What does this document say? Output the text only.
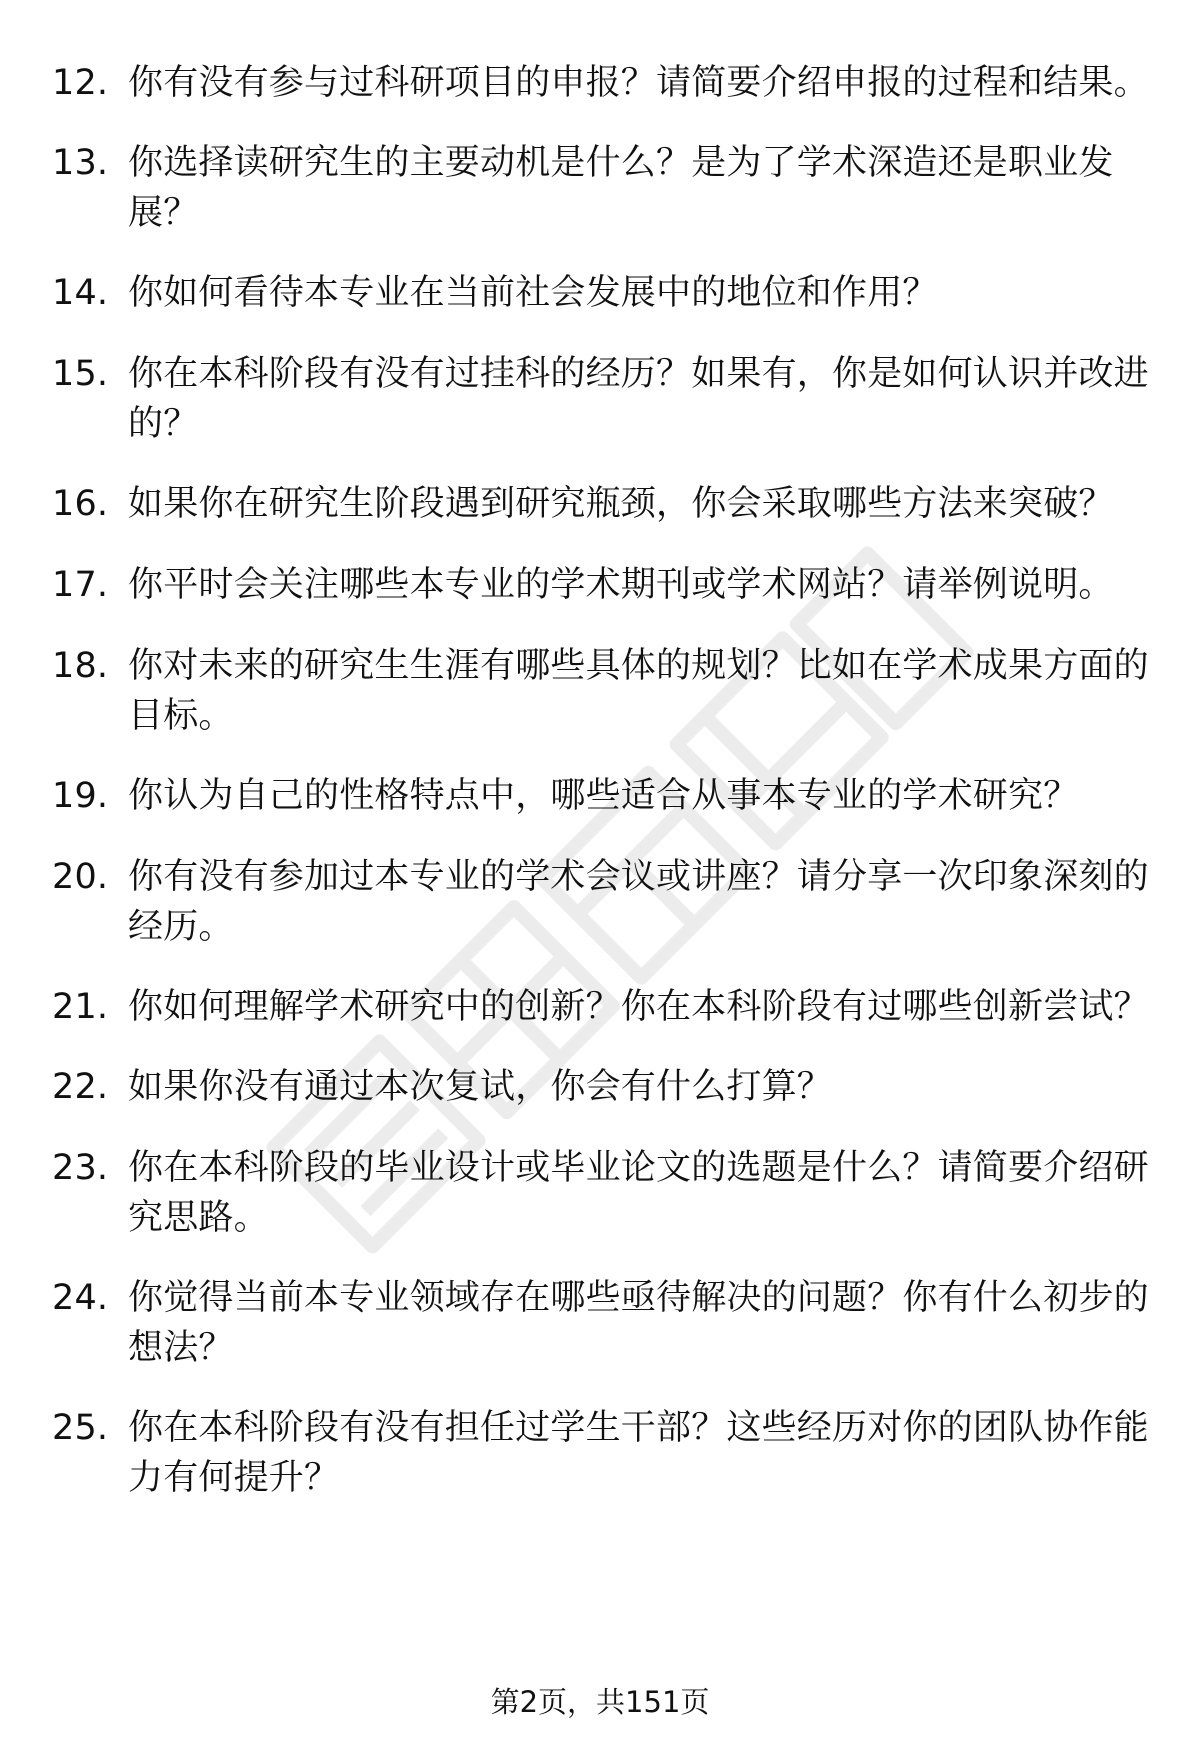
12. 你有没有参与过科研项目的申报？请简要介绍申报的过程和结果。
13. 你选择读研究生的主要动机是什么？是为了学术深造还是职业发展？
14. 你如何看待本专业在当前社会发展中的地位和作用？
15. 你在本科阶段有没有过挂科的经历？如果有，你是如何认识并改进的？
16. 如果你在研究生阶段遇到研究瓶颈，你会采取哪些方法来突破？
17. 你平时会关注哪些本专业的学术期刊或学术网站？请举例说明。
18. 你对未来的研究生生涯有哪些具体的规划？比如在学术成果方面的目标。
19. 你认为自己的性格特点中，哪些适合从事本专业的学术研究？
20. 你有没有参加过本专业的学术会议或讲座？请分享一次印象深刻的经历。
21. 你如何理解学术研究中的创新？你在本科阶段有过哪些创新尝试？
22. 如果你没有通过本次复试，你会有什么打算？
23. 你在本科阶段的毕业设计或毕业论文的选题是什么？请简要介绍研究思路。
24. 你觉得当前本专业领域存在哪些亟待解决的问题？你有什么初步的想法？
25. 你在本科阶段有没有担任过学生干部？这些经历对你的团队协作能力有何提升？
第2页，共151页
